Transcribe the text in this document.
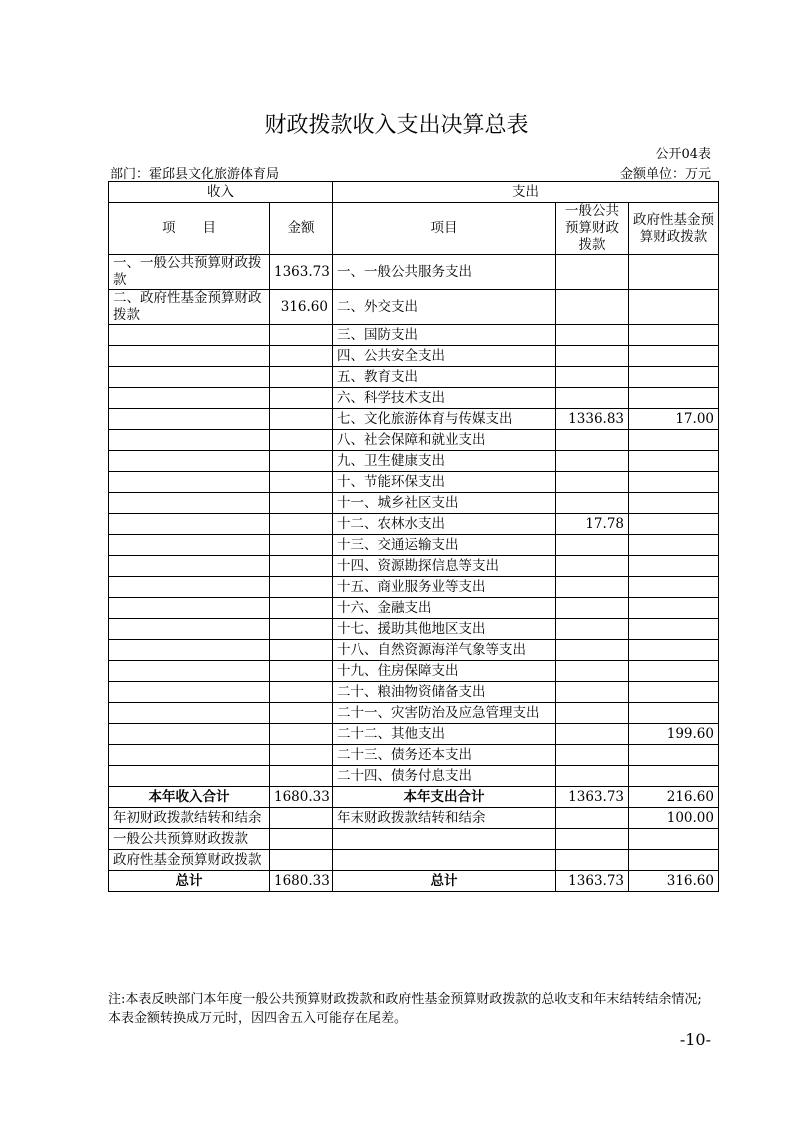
财政拨款收入支出决算总表
公开04表
部门：霍邱县文化旅游体育局	金额单位：万元
收入		支出		
项　　目	金额	项目	一般公共预算财政拨款	政府性基金预算财政拨款
一、一般公共预算财政拨款	1363.73	一、一般公共服务支出		
二、政府性基金预算财政拨款	316.60	二、外交支出		
		三、国防支出		
		四、公共安全支出		
		五、教育支出		
		六、科学技术支出		
		七、文化旅游体育与传媒支出	1336.83	17.00
		八、社会保障和就业支出		
		九、卫生健康支出		
		十、节能环保支出		
		十一、城乡社区支出		
		十二、农林水支出	17.78	
		十三、交通运输支出		
		十四、资源勘探信息等支出		
		十五、商业服务业等支出		
		十六、金融支出		
		十七、援助其他地区支出		
		十八、自然资源海洋气象等支出		
		十九、住房保障支出		
		二十、粮油物资储备支出		
		二十一、灾害防治及应急管理支出		
		二十二、其他支出		199.60
		二十三、债务还本支出		
		二十四、债务付息支出		
本年收入合计	1680.33	本年支出合计	1363.73	216.60
年初财政拨款结转和结余		年末财政拨款结转和结余		100.00
一般公共预算财政拨款				
政府性基金预算财政拨款				
总计	1680.33	总计	1363.73	316.60
注:本表反映部门本年度一般公共预算财政拨款和政府性基金预算财政拨款的总收支和年末结转结余情况; 本表金额转换成万元时，因四舍五入可能存在尾差。
-10-
